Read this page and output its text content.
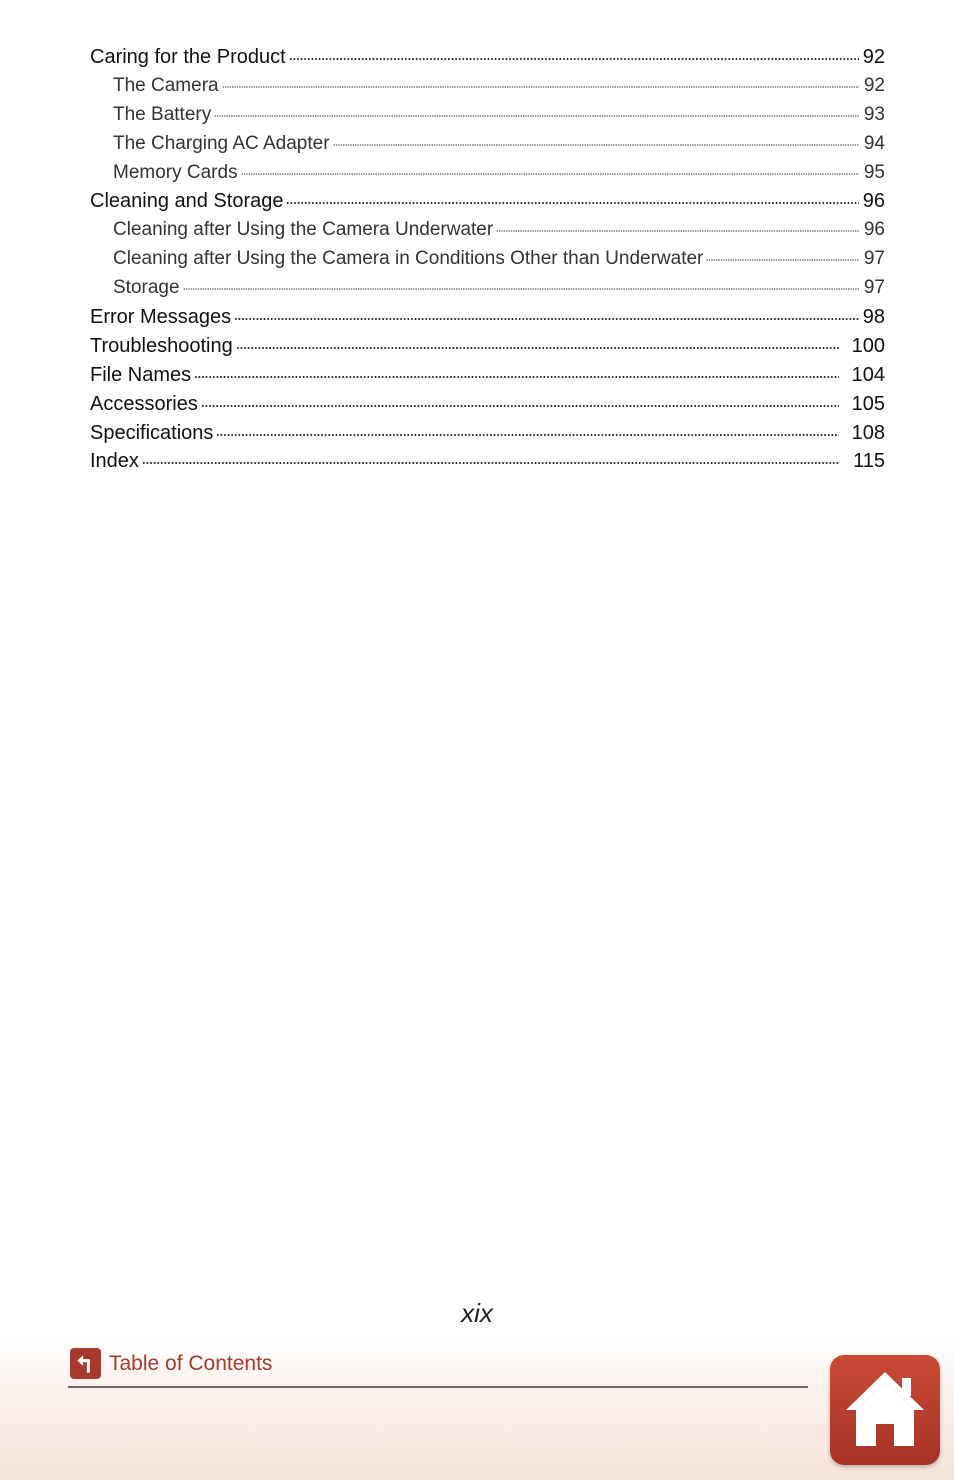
Caring for the Product	92
The Camera	92
The Battery	93
The Charging AC Adapter	94
Memory Cards	95
Cleaning and Storage	96
Cleaning after Using the Camera Underwater	96
Cleaning after Using the Camera in Conditions Other than Underwater	97
Storage	97
Error Messages	98
Troubleshooting	100
File Names	104
Accessories	105
Specifications	108
Index	115
xix
Table of Contents
